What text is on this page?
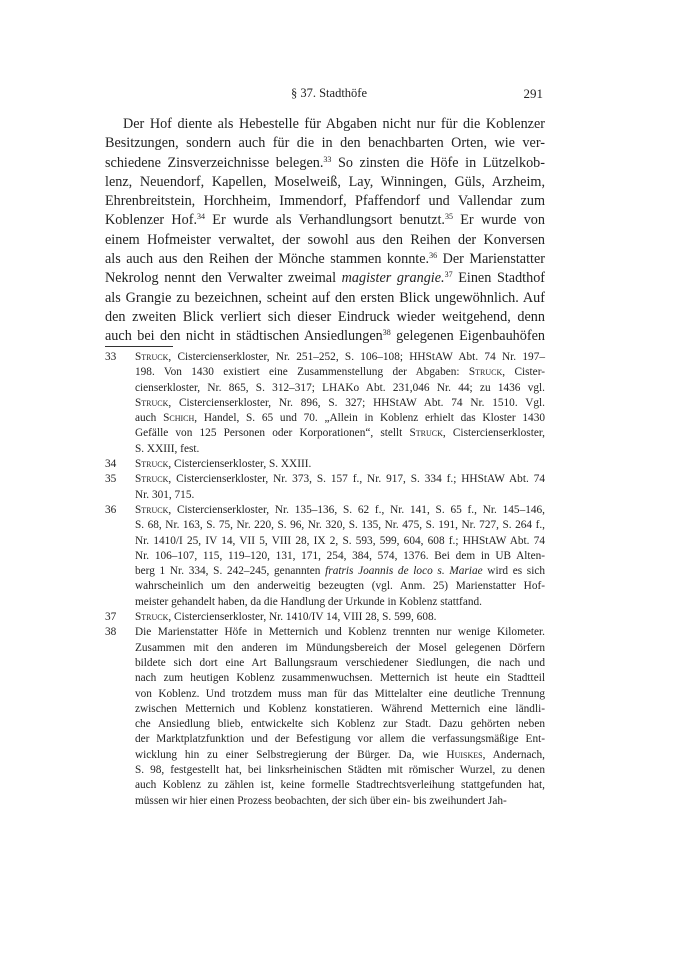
§ 37. Stadthöfe	291
Der Hof diente als Hebestelle für Abgaben nicht nur für die Koblenzer
Besitzungen, sondern auch für die in den benachbarten Orten, wie ver-
schiedene Zinsverzeichnisse belegen.$^{33}$ So zinsten die Höfe in Lützelkob-
lenz, Neuendorf, Kapellen, Moselweiß, Lay, Winningen, Güls, Arzheim,
Ehrenbreitstein, Horchheim, Immendorf, Pfaffendorf und Vallendar zum
Koblenzer Hof.$^{34}$ Er wurde als Verhandlungsort benutzt.$^{35}$ Er wurde von
einem Hofmeister verwaltet, der sowohl aus den Reihen der Konversen
als auch aus den Reihen der Mönche stammen konnte.$^{36}$ Der Marienstatter
Nekrolog nennt den Verwalter zweimal magister grangie.$^{37}$ Einen Stadthof
als Grangie zu bezeichnen, scheint auf den ersten Blick ungewöhnlich. Auf
den zweiten Blick verliert sich dieser Eindruck wieder weitgehend, denn
auch bei den nicht in städtischen Ansiedlungen$^{38}$ gelegenen Eigenbauhöfen
33 Struck, Cistercienserkloster, Nr. 251–252, S. 106–108; HHStAW Abt. 74 Nr. 197–
198. Von 1430 existiert eine Zusammenstellung der Abgaben: Struck, Cister-
cienserkloster, Nr. 865, S. 312–317; LHAKo Abt. 231,046 Nr. 44; zu 1436 vgl.
Struck, Cistercienserkloster, Nr. 896, S. 327; HHStAW Abt. 74 Nr. 1510. Vgl.
auch Schich, Handel, S. 65 und 70. „Allein in Koblenz erhielt das Kloster 1430
Gefälle von 125 Personen oder Korporationen“, stellt Struck, Cistercienserkloster,
S. XXIII, fest.
34 Struck, Cistercienserkloster, S. XXIII.
35 Struck, Cistercienserkloster, Nr. 373, S. 157 f., Nr. 917, S. 334 f.; HHStAW Abt. 74
Nr. 301, 715.
36 Struck, Cistercienserkloster, Nr. 135–136, S. 62 f., Nr. 141, S. 65 f., Nr. 145–146,
S. 68, Nr. 163, S. 75, Nr. 220, S. 96, Nr. 320, S. 135, Nr. 475, S. 191, Nr. 727, S. 264 f.,
Nr. 1410/I 25, IV 14, VII 5, VIII 28, IX 2, S. 593, 599, 604, 608 f.; HHStAW Abt. 74
Nr. 106–107, 115, 119–120, 131, 171, 254, 384, 574, 1376. Bei dem in UB Alten-
berg 1 Nr. 334, S. 242–245, genannten fratris Joannis de loco s. Mariae wird es sich
wahrscheinlich um den anderweitig bezeugten (vgl. Anm. 25) Marienstatter Hof-
meister gehandelt haben, da die Handlung der Urkunde in Koblenz stattfand.
37 Struck, Cistercienserkloster, Nr. 1410/IV 14, VIII 28, S. 599, 608.
38 Die Marienstatter Höfe in Metternich und Koblenz trennten nur wenige Kilometer.
Zusammen mit den anderen im Mündungsbereich der Mosel gelegenen Dörfern
bildete sich dort eine Art Ballungsraum verschiedener Siedlungen, die nach und
nach zum heutigen Koblenz zusammenwuchsen. Metternich ist heute ein Stadtteil
von Koblenz. Und trotzdem muss man für das Mittelalter eine deutliche Trennung
zwischen Metternich und Koblenz konstatieren. Während Metternich eine ländli-
che Ansiedlung blieb, entwickelte sich Koblenz zur Stadt. Dazu gehörten neben
der Marktplatzfunktion und der Befestigung vor allem die verfassungsmäßige Ent-
wicklung hin zu einer Selbstregierung der Bürger. Da, wie Huiskes, Andernach,
S. 98, festgestellt hat, bei linksrheinischen Städten mit römischer Wurzel, zu denen
auch Koblenz zu zählen ist, keine formelle Stadtrechtsverleihung stattgefunden hat,
müssen wir hier einen Prozess beobachten, der sich über ein- bis zweihundert Jah-
